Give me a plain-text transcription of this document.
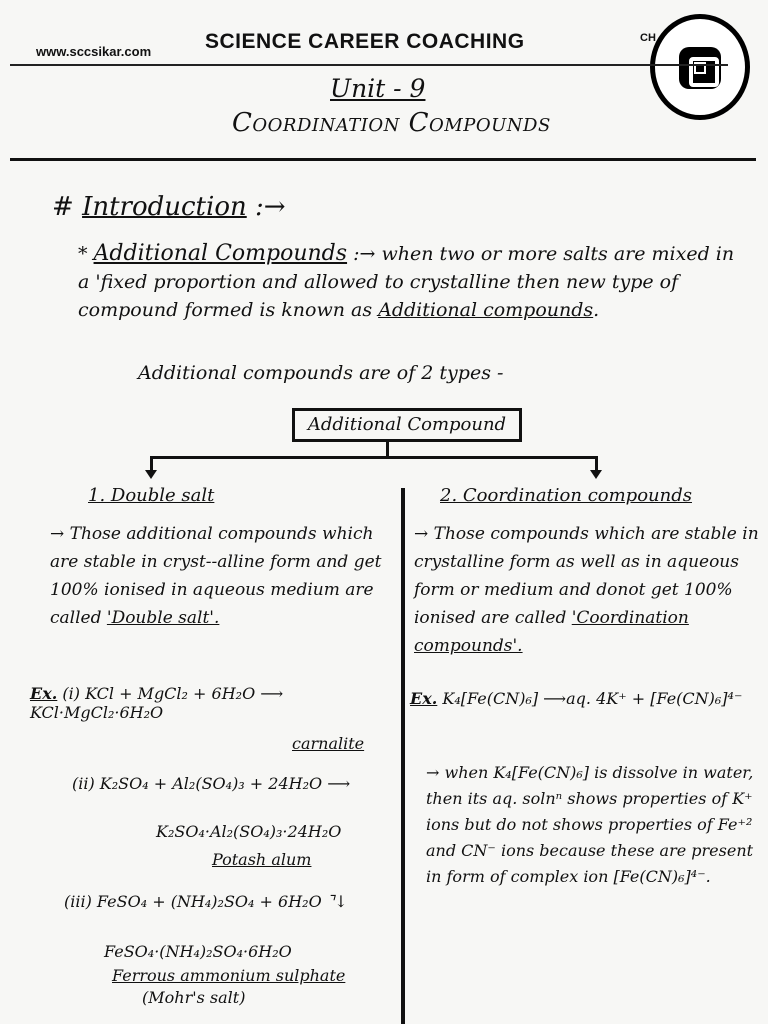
www.sccsikar.com	SCIENCE CAREER COACHING	CH
Unit - 9
Coordination Compounds
# Introduction :→
* Additional Compounds :→ when two or more salts are mixed in a 'fixed proportion and allowed to crystalline then new type of compound formed is known as Additional compounds.
Additional compounds are of 2 types -
Additional Compound
1. Double salt
→ Those additional compounds which are stable in cryst--alline form and get 100% ionised in aqueous medium are called 'Double salt'.
2. Coordination compounds
→ Those compounds which are stable in crystalline form as well as in aqueous form or medium and donot get 100% ionised are called 'Coordination compounds'.
Ex. (i) KCl + MgCl₂ + 6H₂O ⟶ KCl·MgCl₂·6H₂O
carnalite
(ii) K₂SO₄ + Al₂(SO₄)₃ + 24H₂O ⟶
K₂SO₄·Al₂(SO₄)₃·24H₂O
Potash alum
(iii) FeSO₄ + (NH₄)₂SO₄ + 6H₂O ⌝↓
FeSO₄·(NH₄)₂SO₄·6H₂O
Ferrous ammonium sulphate
(Mohr's salt)
Ex. K₄[Fe(CN)₆] ⟶aq. 4K⁺ + [Fe(CN)₆]⁴⁻
→ when K₄[Fe(CN)₆] is dissolve in water, then its aq. solnⁿ shows properties of K⁺ ions but do not shows properties of Fe⁺² and CN⁻ ions because these are present in form of complex ion [Fe(CN)₆]⁴⁻.
